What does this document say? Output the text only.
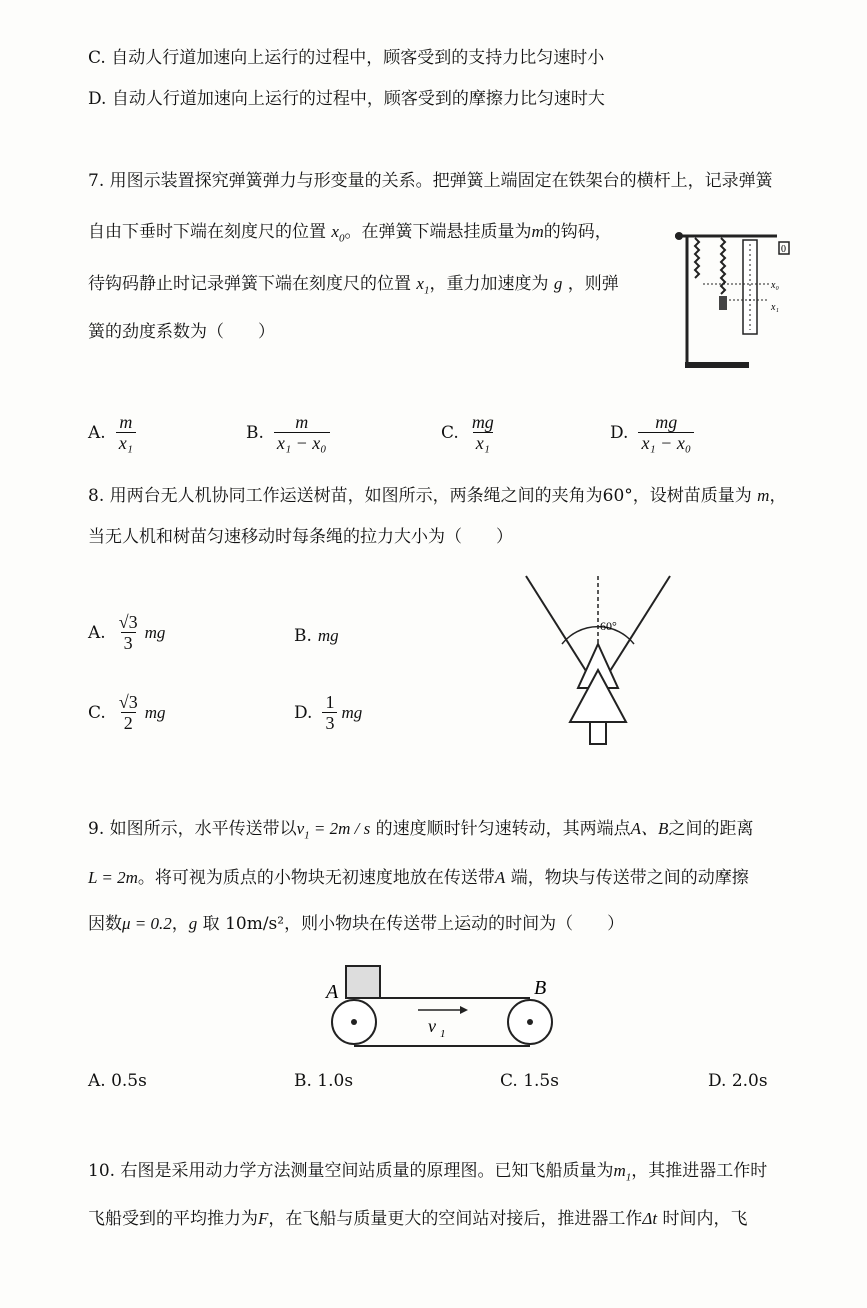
C. 自动人行道加速向上运行的过程中，顾客受到的支持力比匀速时小
D. 自动人行道加速向上运行的过程中，顾客受到的摩擦力比匀速时大
7. 用图示装置探究弹簧弹力与形变量的关系。把弹簧上端固定在铁架台的横杆上，记录弹簧
自由下垂时下端在刻度尺的位置 $x_0$。在弹簧下端悬挂质量为m的钩码，
待钩码静止时记录弹簧下端在刻度尺的位置 $x_1$，重力加速度为 g ，则弹
簧的劲度系数为（　　）
0
x₀
x₁
A. $\frac{m}{\text{x₁}}$	B. $\frac{m}{\text{x₁ − x₀}}$	C. $\frac{mg}{\text{x₁}}$	D. $\frac{mg}{\text{x₁ − x₀}}$
8. 用两台无人机协同工作运送树苗，如图所示，两条绳之间的夹角为60°，设树苗质量为 m，
当无人机和树苗匀速移动时每条绳的拉力大小为（　　）
60°
A. $\frac{√3}{3}$ mg	B. mg
C. $\frac{√3}{2}$ mg	D. $\frac{1}{3}$ mg
9. 如图所示，水平传送带以$v_1 = 2m / s$ 的速度顺时针匀速转动，其两端点A、B之间的距离
L = 2m。将可视为质点的小物块无初速度地放在传送带A 端，物块与传送带之间的动摩擦
因数μ = 0.2，g 取 10m/s²，则小物块在传送带上运动的时间为（　　）
A	B
v 1
A. 0.5s	B. 1.0s	C. 1.5s	D. 2.0s
10. 右图是采用动力学方法测量空间站质量的原理图。已知飞船质量为$m_1$，其推进器工作时
飞船受到的平均推力为F，在飞船与质量更大的空间站对接后，推进器工作Δt 时间内，飞
